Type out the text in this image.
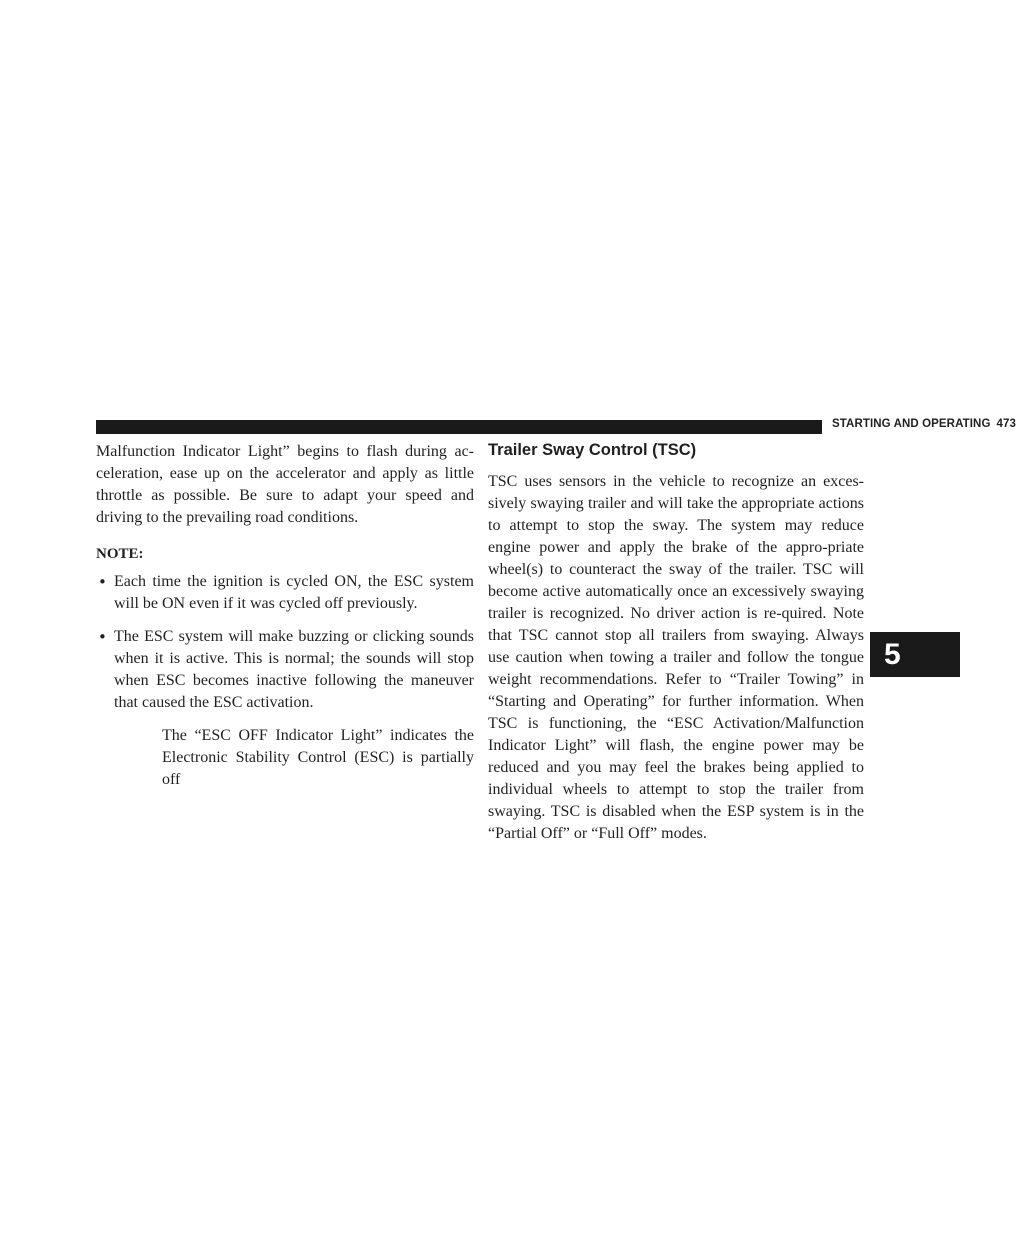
STARTING AND OPERATING 473
5

Malfunction Indicator Light” begins to flash during ac-celeration, ease up on the accelerator and apply as little throttle as possible. Be sure to adapt your speed and driving to the prevailing road conditions.

NOTE:

• Each time the ignition is cycled ON, the ESC system will be ON even if it was cycled off previously.
• The ESC system will make buzzing or clicking sounds when it is active. This is normal; the sounds will stop when ESC becomes inactive following the maneuver that caused the ESC activation.

The “ESC OFF Indicator Light” indicates the Electronic Stability Control (ESC) is partially off

Trailer Sway Control (TSC)

TSC uses sensors in the vehicle to recognize an exces-sively swaying trailer and will take the appropriate actions to attempt to stop the sway. The system may reduce engine power and apply the brake of the appro-priate wheel(s) to counteract the sway of the trailer. TSC will become active automatically once an excessively swaying trailer is recognized. No driver action is re-quired. Note that TSC cannot stop all trailers from swaying. Always use caution when towing a trailer and follow the tongue weight recommendations. Refer to “Trailer Towing” in “Starting and Operating” for further information. When TSC is functioning, the “ESC Activation/Malfunction Indicator Light” will flash, the engine power may be reduced and you may feel the brakes being applied to individual wheels to attempt to stop the trailer from swaying. TSC is disabled when the ESP system is in the “Partial Off” or “Full Off” modes.
